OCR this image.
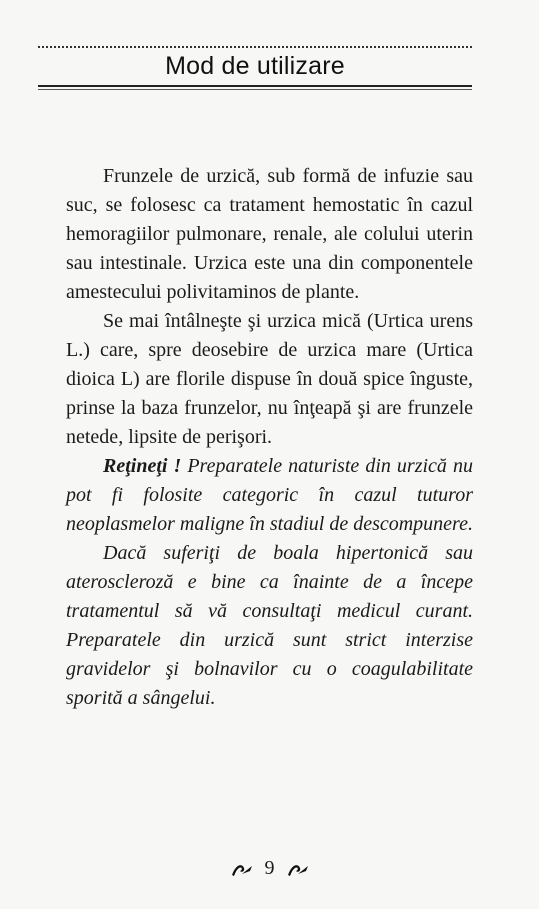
Mod de utilizare

Frunzele de urzică, sub formă de infuzie sau suc, se folosesc ca tratament hemostatic în cazul hemoragiilor pulmonare, renale, ale colului uterin sau intestinale. Urzica este una din componentele amestecului polivitaminos de plante.

Se mai întâlneşte şi urzica mică (Urtica urens L.) care, spre deosebire de urzica mare (Urtica dioica L) are florile dispuse în două spice înguste, prinse la baza frunzelor, nu înţeapă şi are frunzele netede, lipsite de perişori.

Reţineţi ! Preparatele naturiste din urzică nu pot fi folosite categoric în cazul tuturor neoplasmelor maligne în stadiul de descompunere.

Dacă suferiţi de boala hipertonică sau ateroscleroză e bine ca înainte de a începe tratamentul să vă consultaţi medicul curant. Preparatele din urzică sunt strict interzise gravidelor şi bolnavilor cu o coagulabilitate sporită a sângelui.

9
